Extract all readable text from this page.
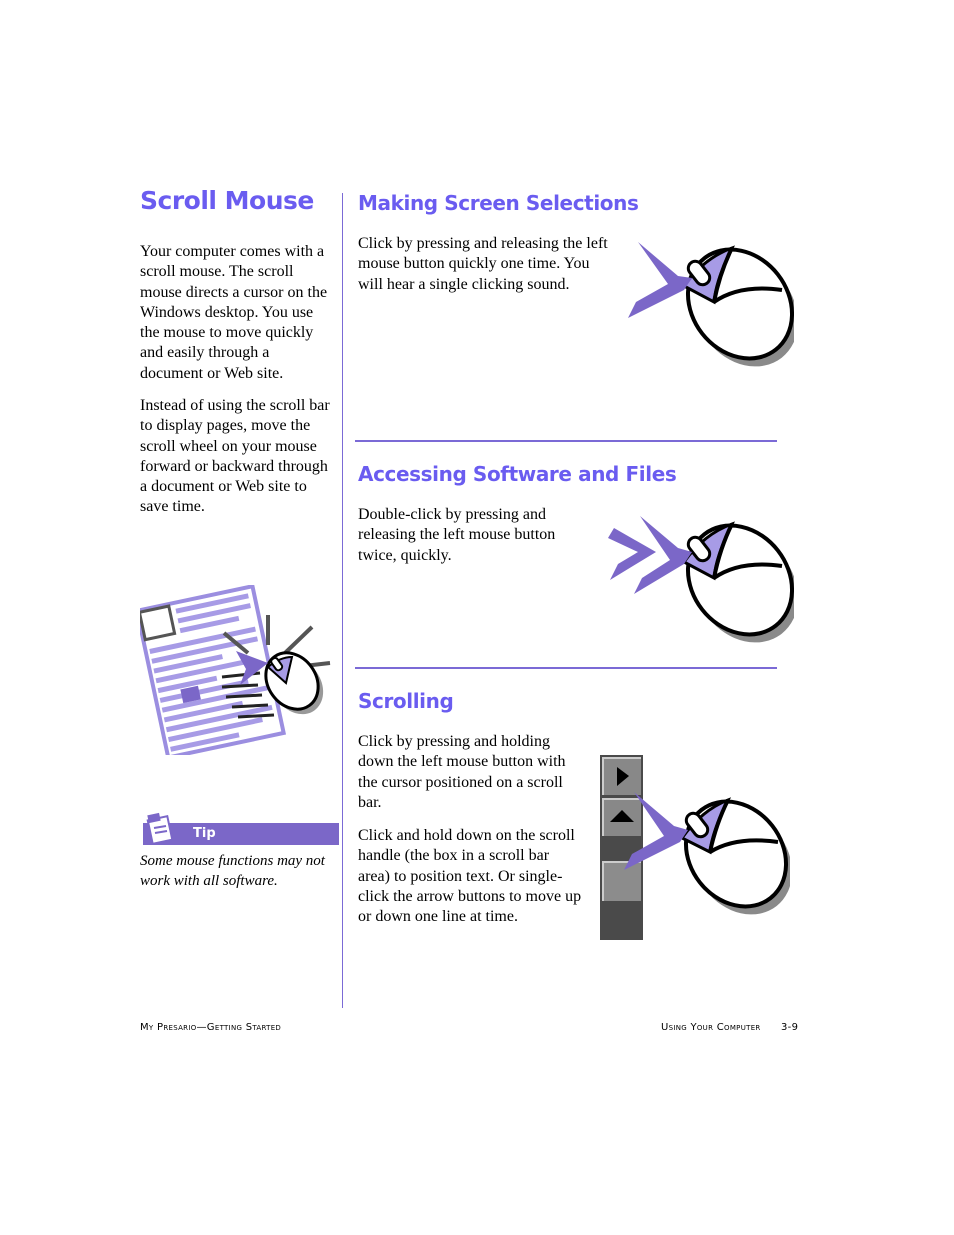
Scroll Mouse

Your computer comes with a scroll mouse. The scroll mouse directs a cursor on the Windows desktop. You use the mouse to move quickly and easily through a document or Web site.

Instead of using the scroll bar to display pages, move the scroll wheel on your mouse forward or backward through a document or Web site to save time.

Tip

Some mouse functions may not work with all software.

Making Screen Selections

Click by pressing and releasing the left mouse button quickly one time. You will hear a single clicking sound.

Accessing Software and Files

Double-click by pressing and releasing the left mouse button twice, quickly.

Scrolling

Click by pressing and holding down the left mouse button with the cursor positioned on a scroll bar.

Click and hold down on the scroll handle (the box in a scroll bar area) to position text. Or single-click the arrow buttons to move up or down one line at time.

My Presario—Getting Started	Using Your Computer 3-9
